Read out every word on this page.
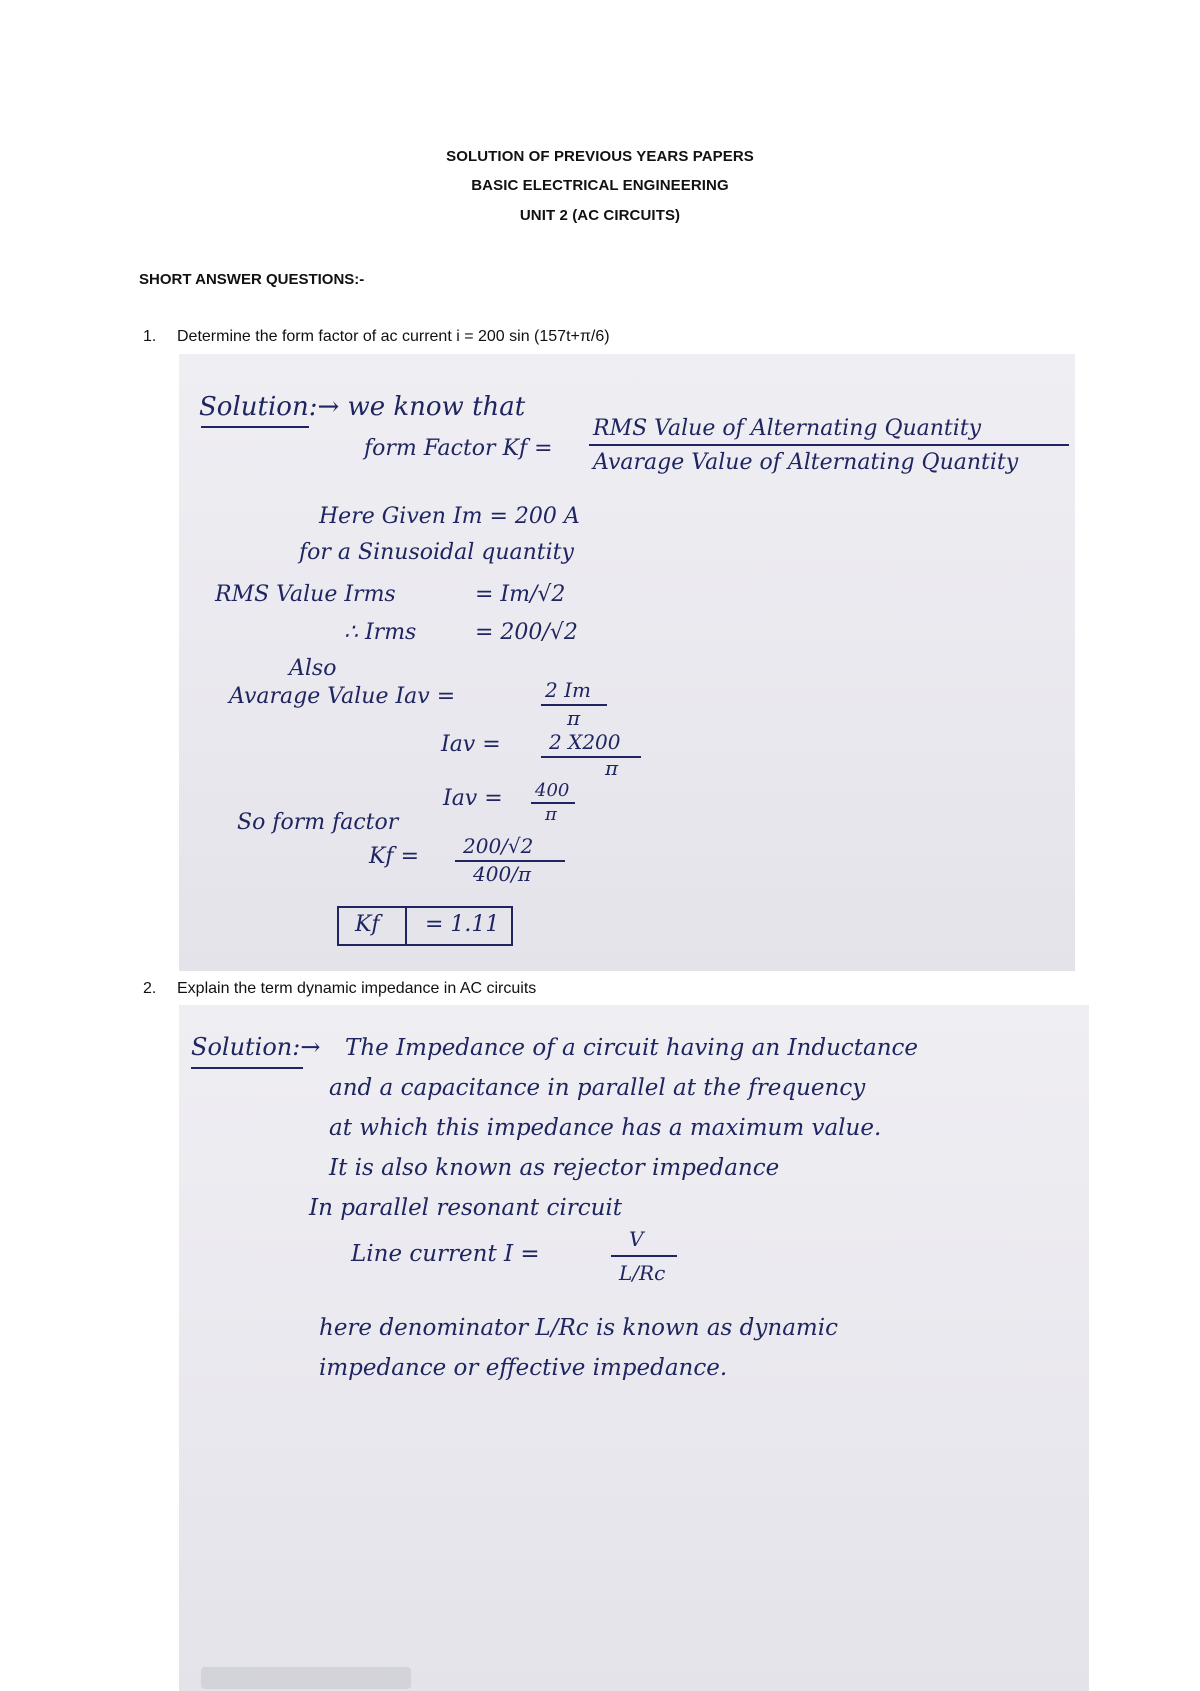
SOLUTION OF PREVIOUS YEARS PAPERS
BASIC ELECTRICAL ENGINEERING
UNIT 2 (AC CIRCUITS)
SHORT ANSWER QUESTIONS:-
1. Determine the form factor of ac current i = 200 sin (157t+π/6)
Solution:→ we know that
form Factor Kf =
RMS Value of Alternating Quantity
Avarage Value of Alternating Quantity
Here Given Im = 200 A
for a Sinusoidal quantity
RMS Value Irms	= Im/√2
∴ Irms	= 200/√2
Also
Avarage Value Iav =	2 Im
π
Iav = 2 X200
π
Iav = 400
π
So form factor
Kf = 200/√2
400/π
Kf = 1.11
2. Explain the term dynamic impedance in AC circuits
Solution:→ The Impedance of a circuit having an Inductance
and a capacitance in parallel at the frequency
at which this impedance has a maximum value.
It is also known as rejector impedance
In parallel resonant circuit
Line current I =
V
L/Rc
here denominator L/Rc is known as dynamic
impedance or effective impedance.
